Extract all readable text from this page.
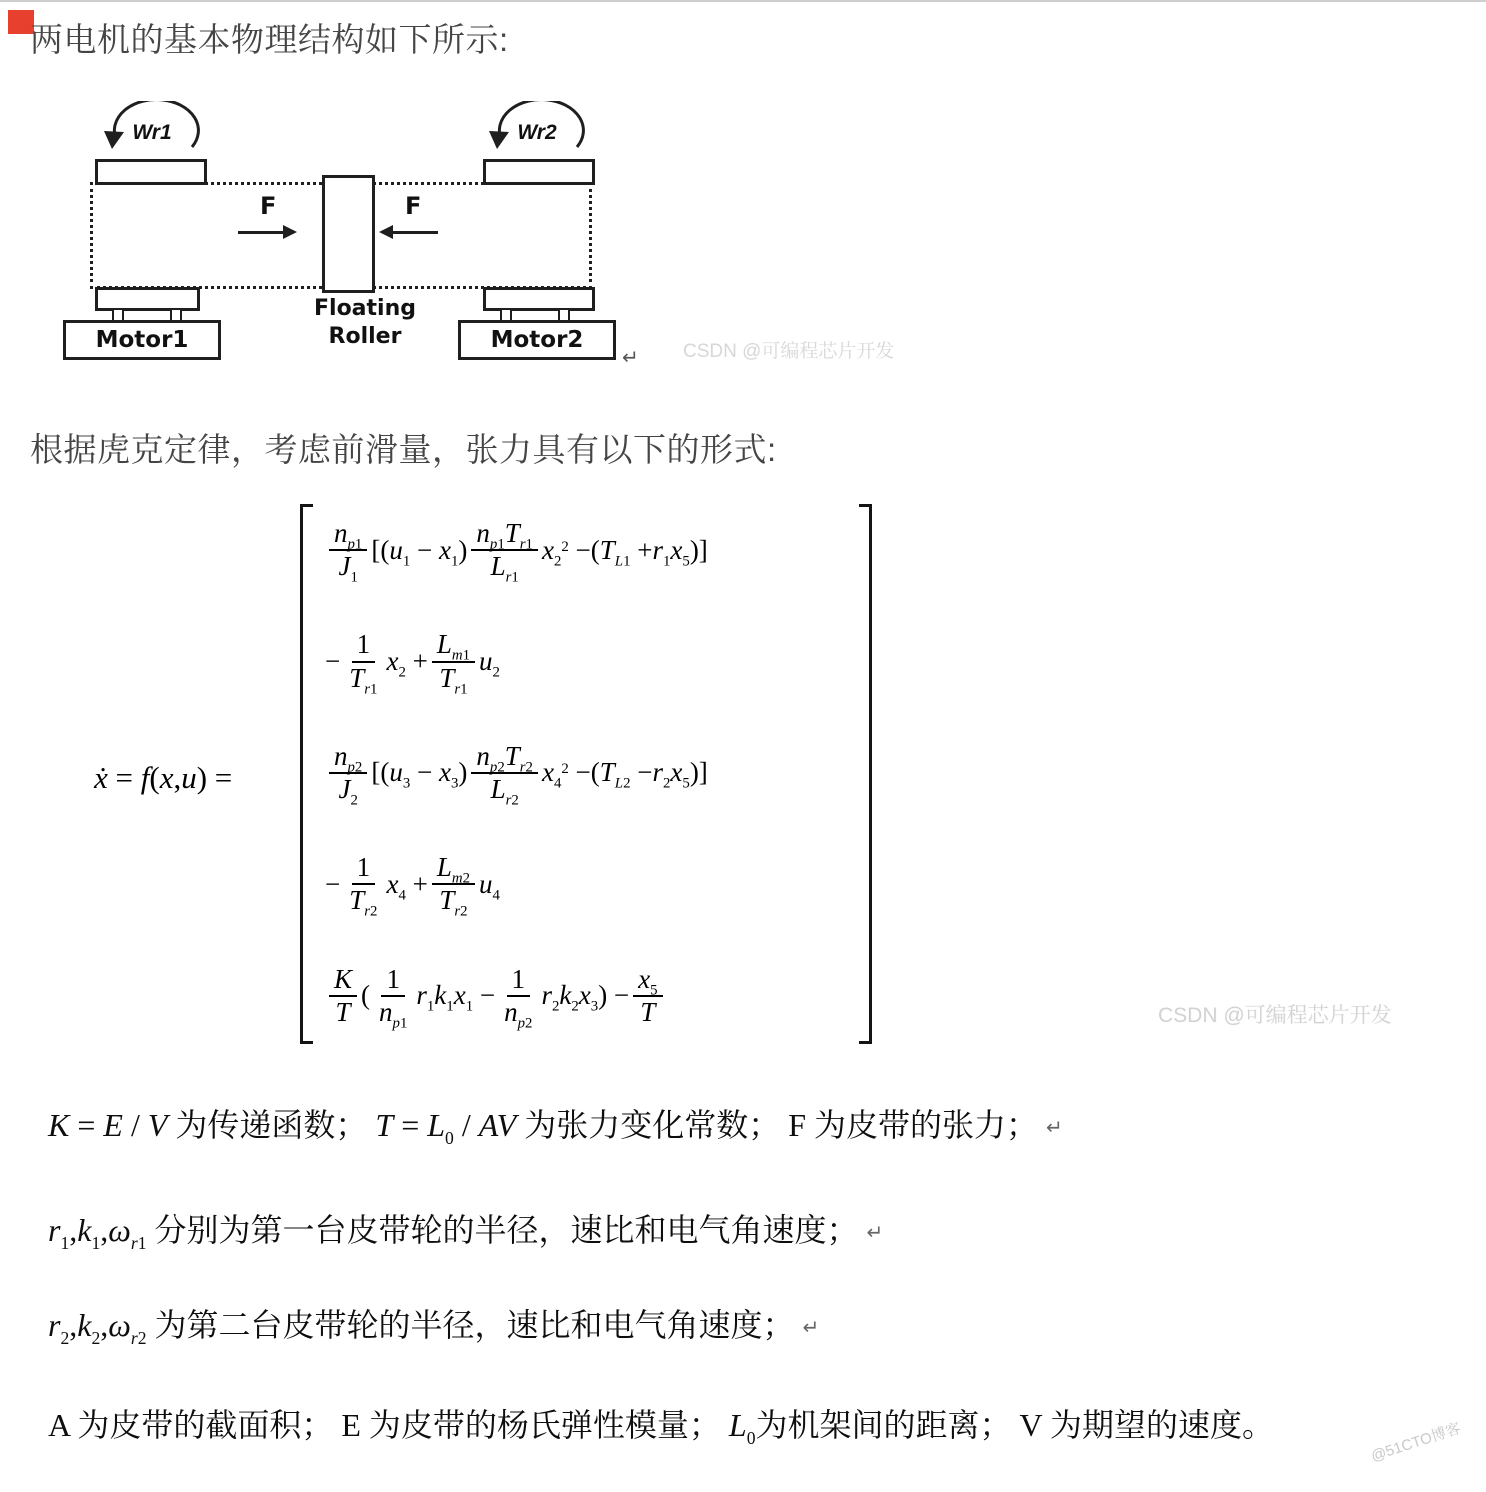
两电机的基本物理结构如下所示:
Wr1	Wr2
F	F
Motor1	Motor2
Floating
Roller
↵ CSDN @可编程芯片开发
根据虎克定律，考虑前滑量，张力具有以下的形式:
ẋ = f(x,u) =
$\frac{n_{p1}}{J_1} [(u_1 - x_1) \frac{n_{p1}T_{r1}}{L_{r1}} x_2^2 -(T_{L1} +r_1x_5)]$
− $\frac{1}{T_{r1}} x_2 + \frac{L_{m1}}{T_{r1}} u_2$
$\frac{n_{p2}}{J_2} [(u_3 - x_3) \frac{n_{p2}T_{r2}}{L_{r2}} x_4^2 -(T_{L2} -r_2x_5)]$
− $\frac{1}{T_{r2}} x_4 + \frac{L_{m2}}{T_{r2}} u_4$
$\frac{K}{T}$ ( $\frac{1}{n_{p1}} r_1k_1x_1 - \frac{1}{n_{p2}} r_2k_2x_3) - \frac{x_5}{T}$	CSDN @可编程芯片开发
K = E / V 为传递函数； $T = L_0$ / AV 为张力变化常数； F 为皮带的张力； ↵
$r_1,k_1,\omega_{r1}$ 分别为第一台皮带轮的半径，速比和电气角速度； ↵
$r_2,k_2,\omega_{r2}$ 为第二台皮带轮的半径，速比和电气角速度； ↵
A 为皮带的截面积； E 为皮带的杨氏弹性模量； $L_0$为机架间的距离； V 为期望的速度。	@51CTO博客
